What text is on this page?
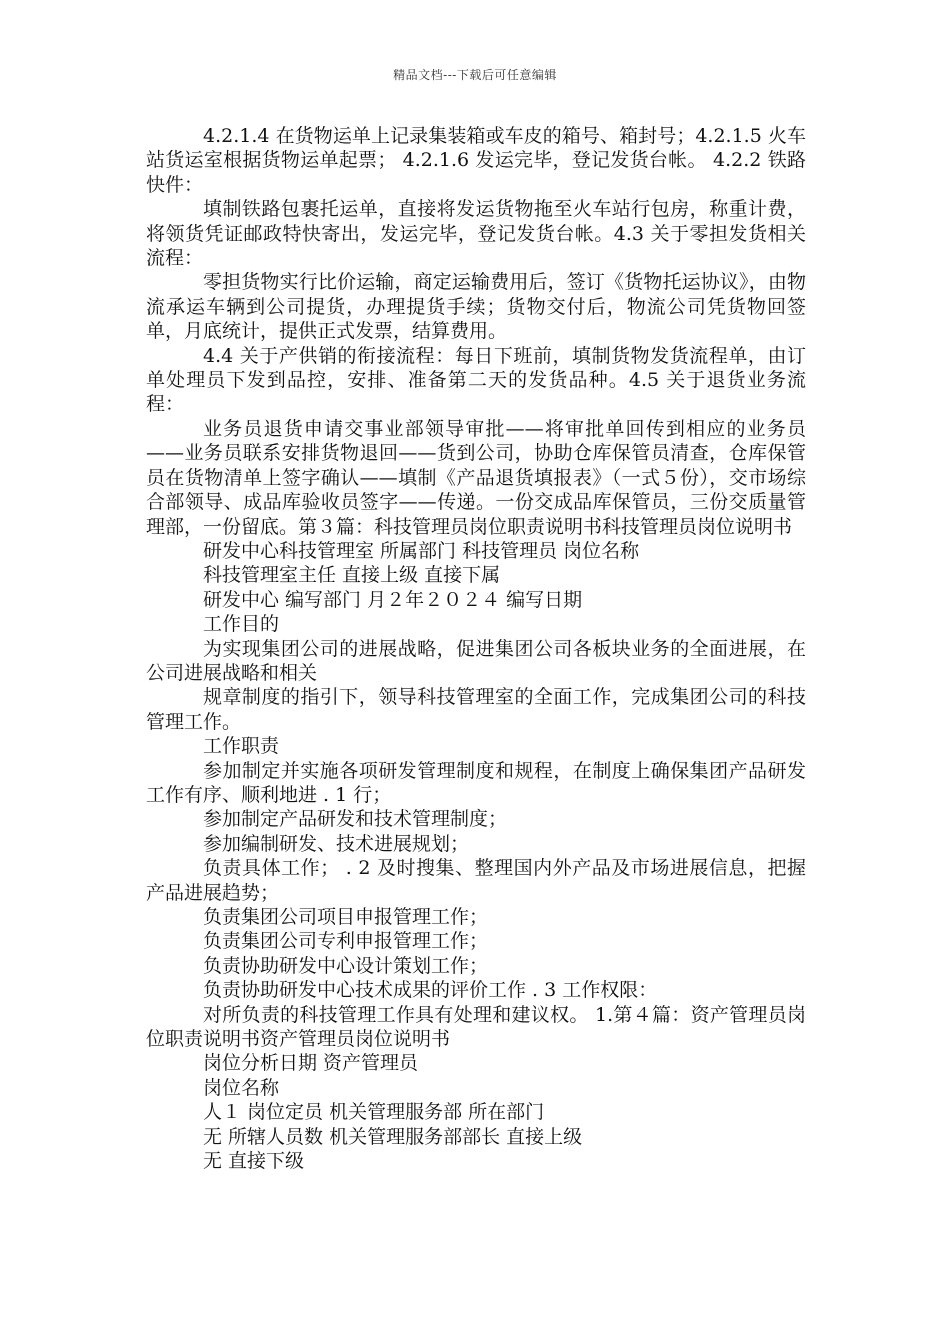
精品文档---下载后可任意编辑

4.2.1.4 在货物运单上记录集装箱或车皮的箱号、箱封号；4.2.1.5 火车站货运室根据货物运单起票； 4.2.1.6 发运完毕，登记发货台帐。 4.2.2 铁路快件：

填制铁路包裹托运单，直接将发运货物拖至火车站行包房，称重计费，将领货凭证邮政特快寄出，发运完毕，登记发货台帐。4.3 关于零担发货相关流程：

零担货物实行比价运输，商定运输费用后，签订《货物托运协议》，由物流承运车辆到公司提货，办理提货手续；货物交付后，物流公司凭货物回签单，月底统计，提供正式发票，结算费用。

4.4 关于产供销的衔接流程：每日下班前，填制货物发货流程单，由订单处理员下发到品控，安排、准备第二天的发货品种。4.5 关于退货业务流程：

业务员退货申请交事业部领导审批——将审批单回传到相应的业务员——业务员联系安排货物退回——货到公司，协助仓库保管员清查，仓库保管员在货物清单上签字确认——填制《产品退货填报表》（一式５份），交市场综合部领导、成品库验收员签字——传递。一份交成品库保管员，三份交质量管理部，一份留底。第３篇：科技管理员岗位职责说明书科技管理员岗位说明书

研发中心科技管理室 所属部门 科技管理员 岗位名称

科技管理室主任 直接上级 直接下属

研发中心 编写部门 月２年２０２４ 编写日期

工作目的

为实现集团公司的进展战略，促进集团公司各板块业务的全面进展，在公司进展战略和相关

规章制度的指引下，领导科技管理室的全面工作，完成集团公司的科技管理工作。

工作职责

参加制定并实施各项研发管理制度和规程，在制度上确保集团产品研发工作有序、顺利地进 . 1 行；

参加制定产品研发和技术管理制度；

参加编制研发、技术进展规划；

负责具体工作； . 2 及时搜集、整理国内外产品及市场进展信息，把握产品进展趋势；

负责集团公司项目申报管理工作；

负责集团公司专利申报管理工作；

负责协助研发中心设计策划工作；

负责协助研发中心技术成果的评价工作 . 3 工作权限：

对所负责的科技管理工作具有处理和建议权。 1.第４篇：资产管理员岗位职责说明书资产管理员岗位说明书

岗位分析日期 资产管理员

岗位名称

人１ 岗位定员 机关管理服务部 所在部门

无 所辖人员数 机关管理服务部部长 直接上级

无 直接下级
